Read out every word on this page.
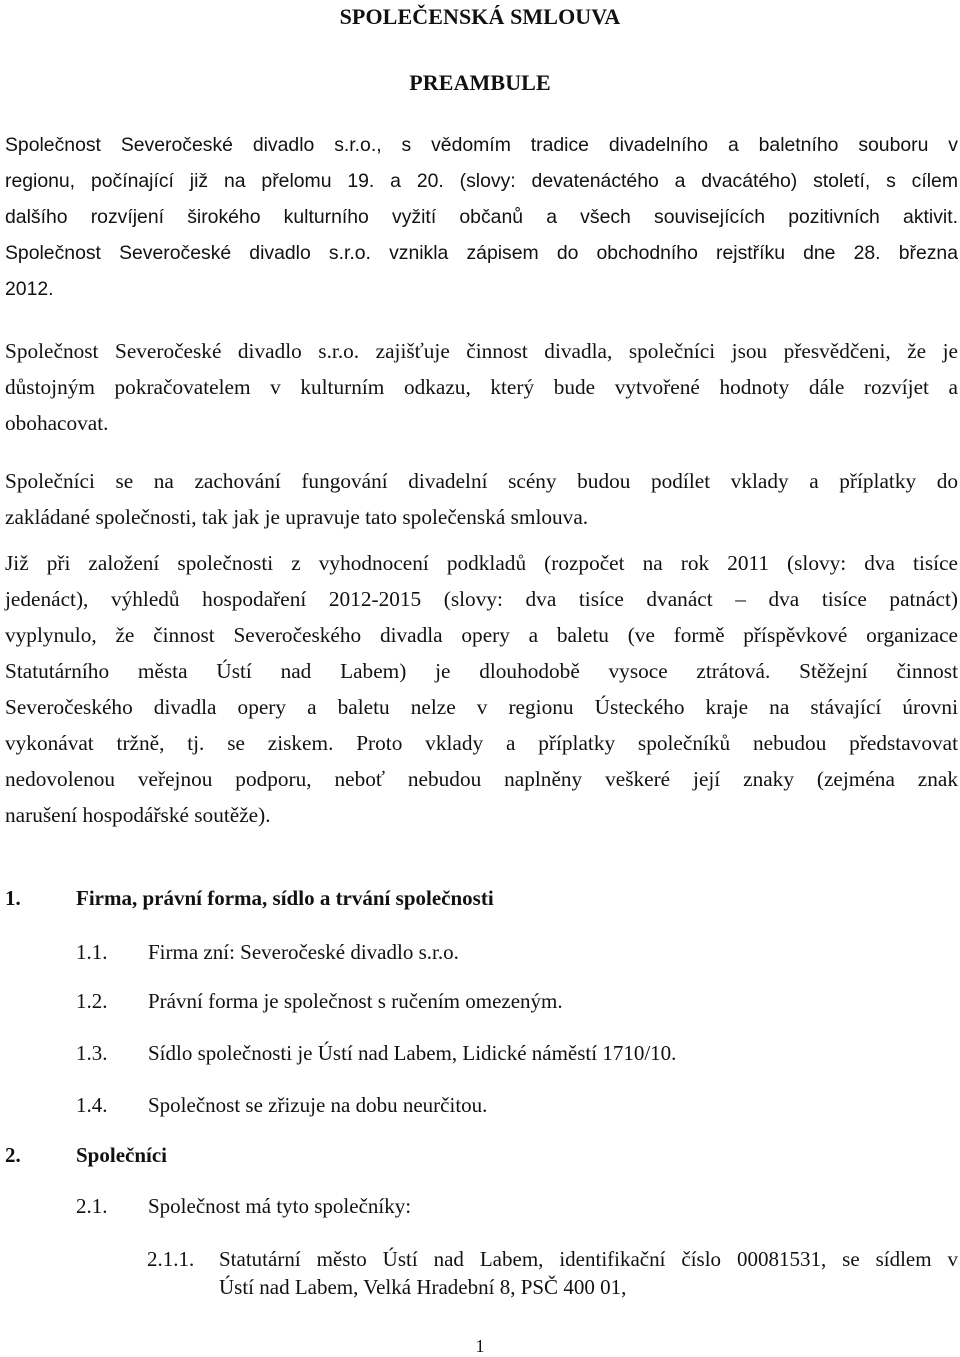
SPOLEČENSKÁ SMLOUVA
PREAMBULE
Společnost Severočeské divadlo s.r.o., s vědomím tradice divadelního a baletního souboru v
regionu, počínající již na přelomu 19. a 20. (slovy: devatenáctého a dvacátého) století, s cílem
dalšího rozvíjení širokého kulturního vyžití občanů a všech souvisejících pozitivních aktivit.
Společnost Severočeské divadlo s.r.o. vznikla zápisem do obchodního rejstříku dne 28. března
2012.
Společnost Severočeské divadlo s.r.o. zajišťuje činnost divadla, společníci jsou přesvědčeni, že je
důstojným pokračovatelem v kulturním odkazu, který bude vytvořené hodnoty dále rozvíjet a
obohacovat.
Společníci se na zachování fungování divadelní scény budou podílet vklady a příplatky do
zakládané společnosti, tak jak je upravuje tato společenská smlouva.
Již při založení společnosti z vyhodnocení podkladů (rozpočet na rok 2011 (slovy: dva tisíce
jedenáct), výhledů hospodaření 2012-2015 (slovy: dva tisíce dvanáct – dva tisíce patnáct)
vyplynulo, že činnost Severočeského divadla opery a baletu (ve formě příspěvkové organizace
Statutárního města Ústí nad Labem) je dlouhodobě vysoce ztrátová. Stěžejní činnost
Severočeského divadla opery a baletu nelze v regionu Ústeckého kraje na stávající úrovni
vykonávat tržně, tj. se ziskem. Proto vklady a příplatky společníků nebudou představovat
nedovolenou veřejnou podporu, neboť nebudou naplněny veškeré její znaky (zejména znak
narušení hospodářské soutěže).
1.	Firma, právní forma, sídlo a trvání společnosti
1.1. Firma zní: Severočeské divadlo s.r.o.
1.2. Právní forma je společnost s ručením omezeným.
1.3. Sídlo společnosti je Ústí nad Labem, Lidické náměstí 1710/10.
1.4. Společnost se zřizuje na dobu neurčitou.
2.	Společníci
2.1. Společnost má tyto společníky:
2.1.1.	Statutární město Ústí nad Labem, identifikační číslo 00081531, se sídlem v
Ústí nad Labem, Velká Hradební 8, PSČ 400 01,

1
